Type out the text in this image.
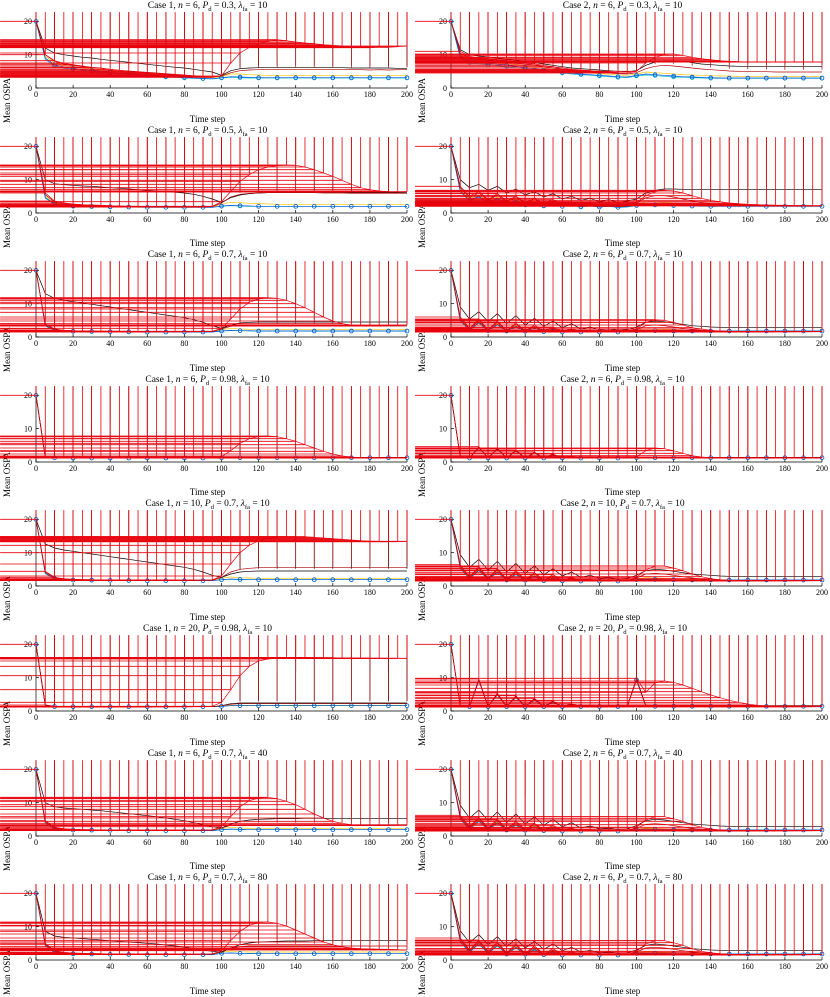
Case 1, n = 6, $P_d = 0.3$, $\lambda_{fa} = 10$
Mean OSPA	0	20	40	60	80	100	120	140	160	180	200
0
10
20
Time step
Case 2, n = 6, $P_d = 0.3$, $\lambda_{fa} = 10$
Mean OSPA	0	20	40	60	80	100	120	140	160	180	200
0
10
20
Time step
Case 1, n = 6, $P_d = 0.5$, $\lambda_{fa} = 10$
Mean OSPA	0	20	40	60	80	100	120	140	160	180	200
0
10
20
Time step
Case 2, n = 6, $P_d = 0.5$, $\lambda_{fa} = 10$
Mean OSPA	0	20	40	60	80	100	120	140	160	180	200
0
10
20
Time step
Case 1, n = 6, $P_d = 0.7$, $\lambda_{fa} = 10$
Mean OSPA	0	20	40	60	80	100	120	140	160	180	200
0
10
20
Time step
Case 2, n = 6, $P_d = 0.7$, $\lambda_{fa} = 10$
Mean OSPA	0	20	40	60	80	100	120	140	160	180	200
0
10
20
Time step
Case 1, n = 6, $P_d = 0.98$, $\lambda_{fa} = 10$
Mean OSPA	0	20	40	60	80	100	120	140	160	180	200
0
10
20
Time step
Case 2, n = 6, $P_d = 0.98$, $\lambda_{fa} = 10$
Mean OSPA	0	20	40	60	80	100	120	140	160	180	200
0
10
20
Time step
Case 1, n = 10, $P_d = 0.7$, $\lambda_{fa} = 10$
Mean OSPA	0	20	40	60	80	100	120	140	160	180	200
0
10
20
Time step
Case 2, n = 10, $P_d = 0.7$, $\lambda_{fa} = 10$
Mean OSPA	0	20	40	60	80	100	120	140	160	180	200
0
10
20
Time step
Case 1, n = 20, $P_d = 0.98$, $\lambda_{fa} = 10$
Mean OSPA	0	20	40	60	80	100	120	140	160	180	200
0
10
20
Time step
Case 2, n = 20, $P_d = 0.98$, $\lambda_{fa} = 10$
Mean OSPA	0	20	40	60	80	100	120	140	160	180	200
0
10
20
Time step
Case 1, n = 6, $P_d = 0.7$, $\lambda_{fa} = 40$
Mean OSPA	0	20	40	60	80	100	120	140	160	180	200
0
10
20
Time step
Case 2, n = 6, $P_d = 0.7$, $\lambda_{fa} = 40$
Mean OSPA	0	20	40	60	80	100	120	140	160	180	200
0
10
20
Time step
Case 1, n = 6, $P_d = 0.7$, $\lambda_{fa} = 80$
Mean OSPA	0	20	40	60	80	100	120	140	160	180	200
0
10
20
Time step
Case 2, n = 6, $P_d = 0.7$, $\lambda_{fa} = 80$
Mean OSPA	0	20	40	60	80	100	120	140	160	180	200
0
10
20
Time step
